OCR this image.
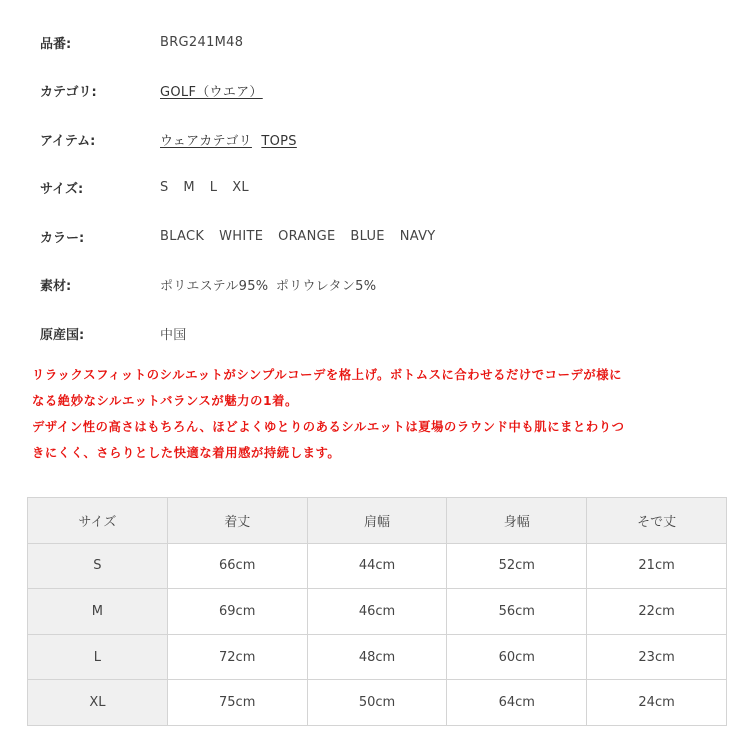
品番:	BRG241M48
カテゴリ:	GOLF（ウエア）
アイテム:	ウェアカテゴリ TOPS
サイズ:	S  M  L  XL
カラー:	BLACK  WHITE  ORANGE  BLUE  NAVY
素材:	ポリエステル95% ポリウレタン5%
原産国:	中国

リラックスフィットのシルエットがシンプルコーデを格上げ。ボトムスに合わせるだけでコーデが様に

なる絶妙なシルエットバランスが魅力の1着。

デザイン性の高さはもちろん、ほどよくゆとりのあるシルエットは夏場のラウンド中も肌にまとわりつ

きにくく、さらりとした快適な着用感が持続します。

サイズ	着丈	肩幅	身幅	そで丈
S	66cm	44cm	52cm	21cm
M	69cm	46cm	56cm	22cm
L	72cm	48cm	60cm	23cm
XL	75cm	50cm	64cm	24cm
